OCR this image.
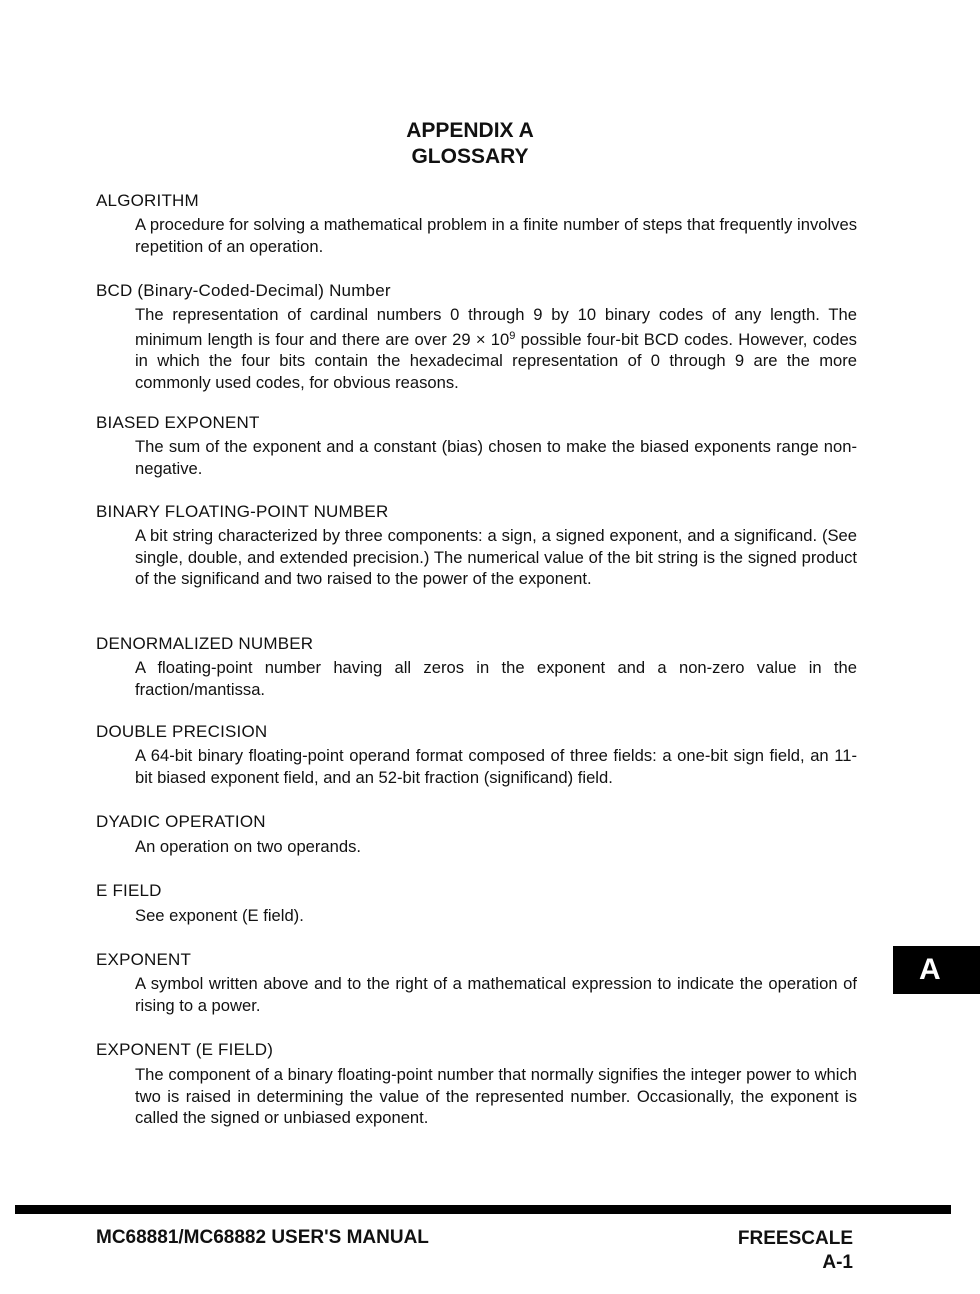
APPENDIX A
GLOSSARY
ALGORITHM
A procedure for solving a mathematical problem in a finite number of steps that frequently involves repetition of an operation.
BCD (Binary-Coded-Decimal) Number
The representation of cardinal numbers 0 through 9 by 10 binary codes of any length. The minimum length is four and there are over $29 \times 10^9$ possible four-bit BCD codes. However, codes in which the four bits contain the hexadecimal representation of 0 through 9 are the more commonly used codes, for obvious reasons.
BIASED EXPONENT
The sum of the exponent and a constant (bias) chosen to make the biased exponents range non-negative.
BINARY FLOATING-POINT NUMBER
A bit string characterized by three components: a sign, a signed exponent, and a significand. (See single, double, and extended precision.) The numerical value of the bit string is the signed product of the significand and two raised to the power of the exponent.
DENORMALIZED NUMBER
A floating-point number having all zeros in the exponent and a non-zero value in the fraction/mantissa.
DOUBLE PRECISION
A 64-bit binary floating-point operand format composed of three fields: a one-bit sign field, an 11-bit biased exponent field, and an 52-bit fraction (significand) field.
DYADIC OPERATION
An operation on two operands.
E FIELD
See exponent (E field).
EXPONENT
A symbol written above and to the right of a mathematical expression to indicate the operation of rising to a power.
EXPONENT (E FIELD)
The component of a binary floating-point number that normally signifies the integer power to which two is raised in determining the value of the represented number. Occasionally, the exponent is called the signed or unbiased exponent.
A
MC68881/MC68882 USER'S MANUAL	FREESCALE
A-1
